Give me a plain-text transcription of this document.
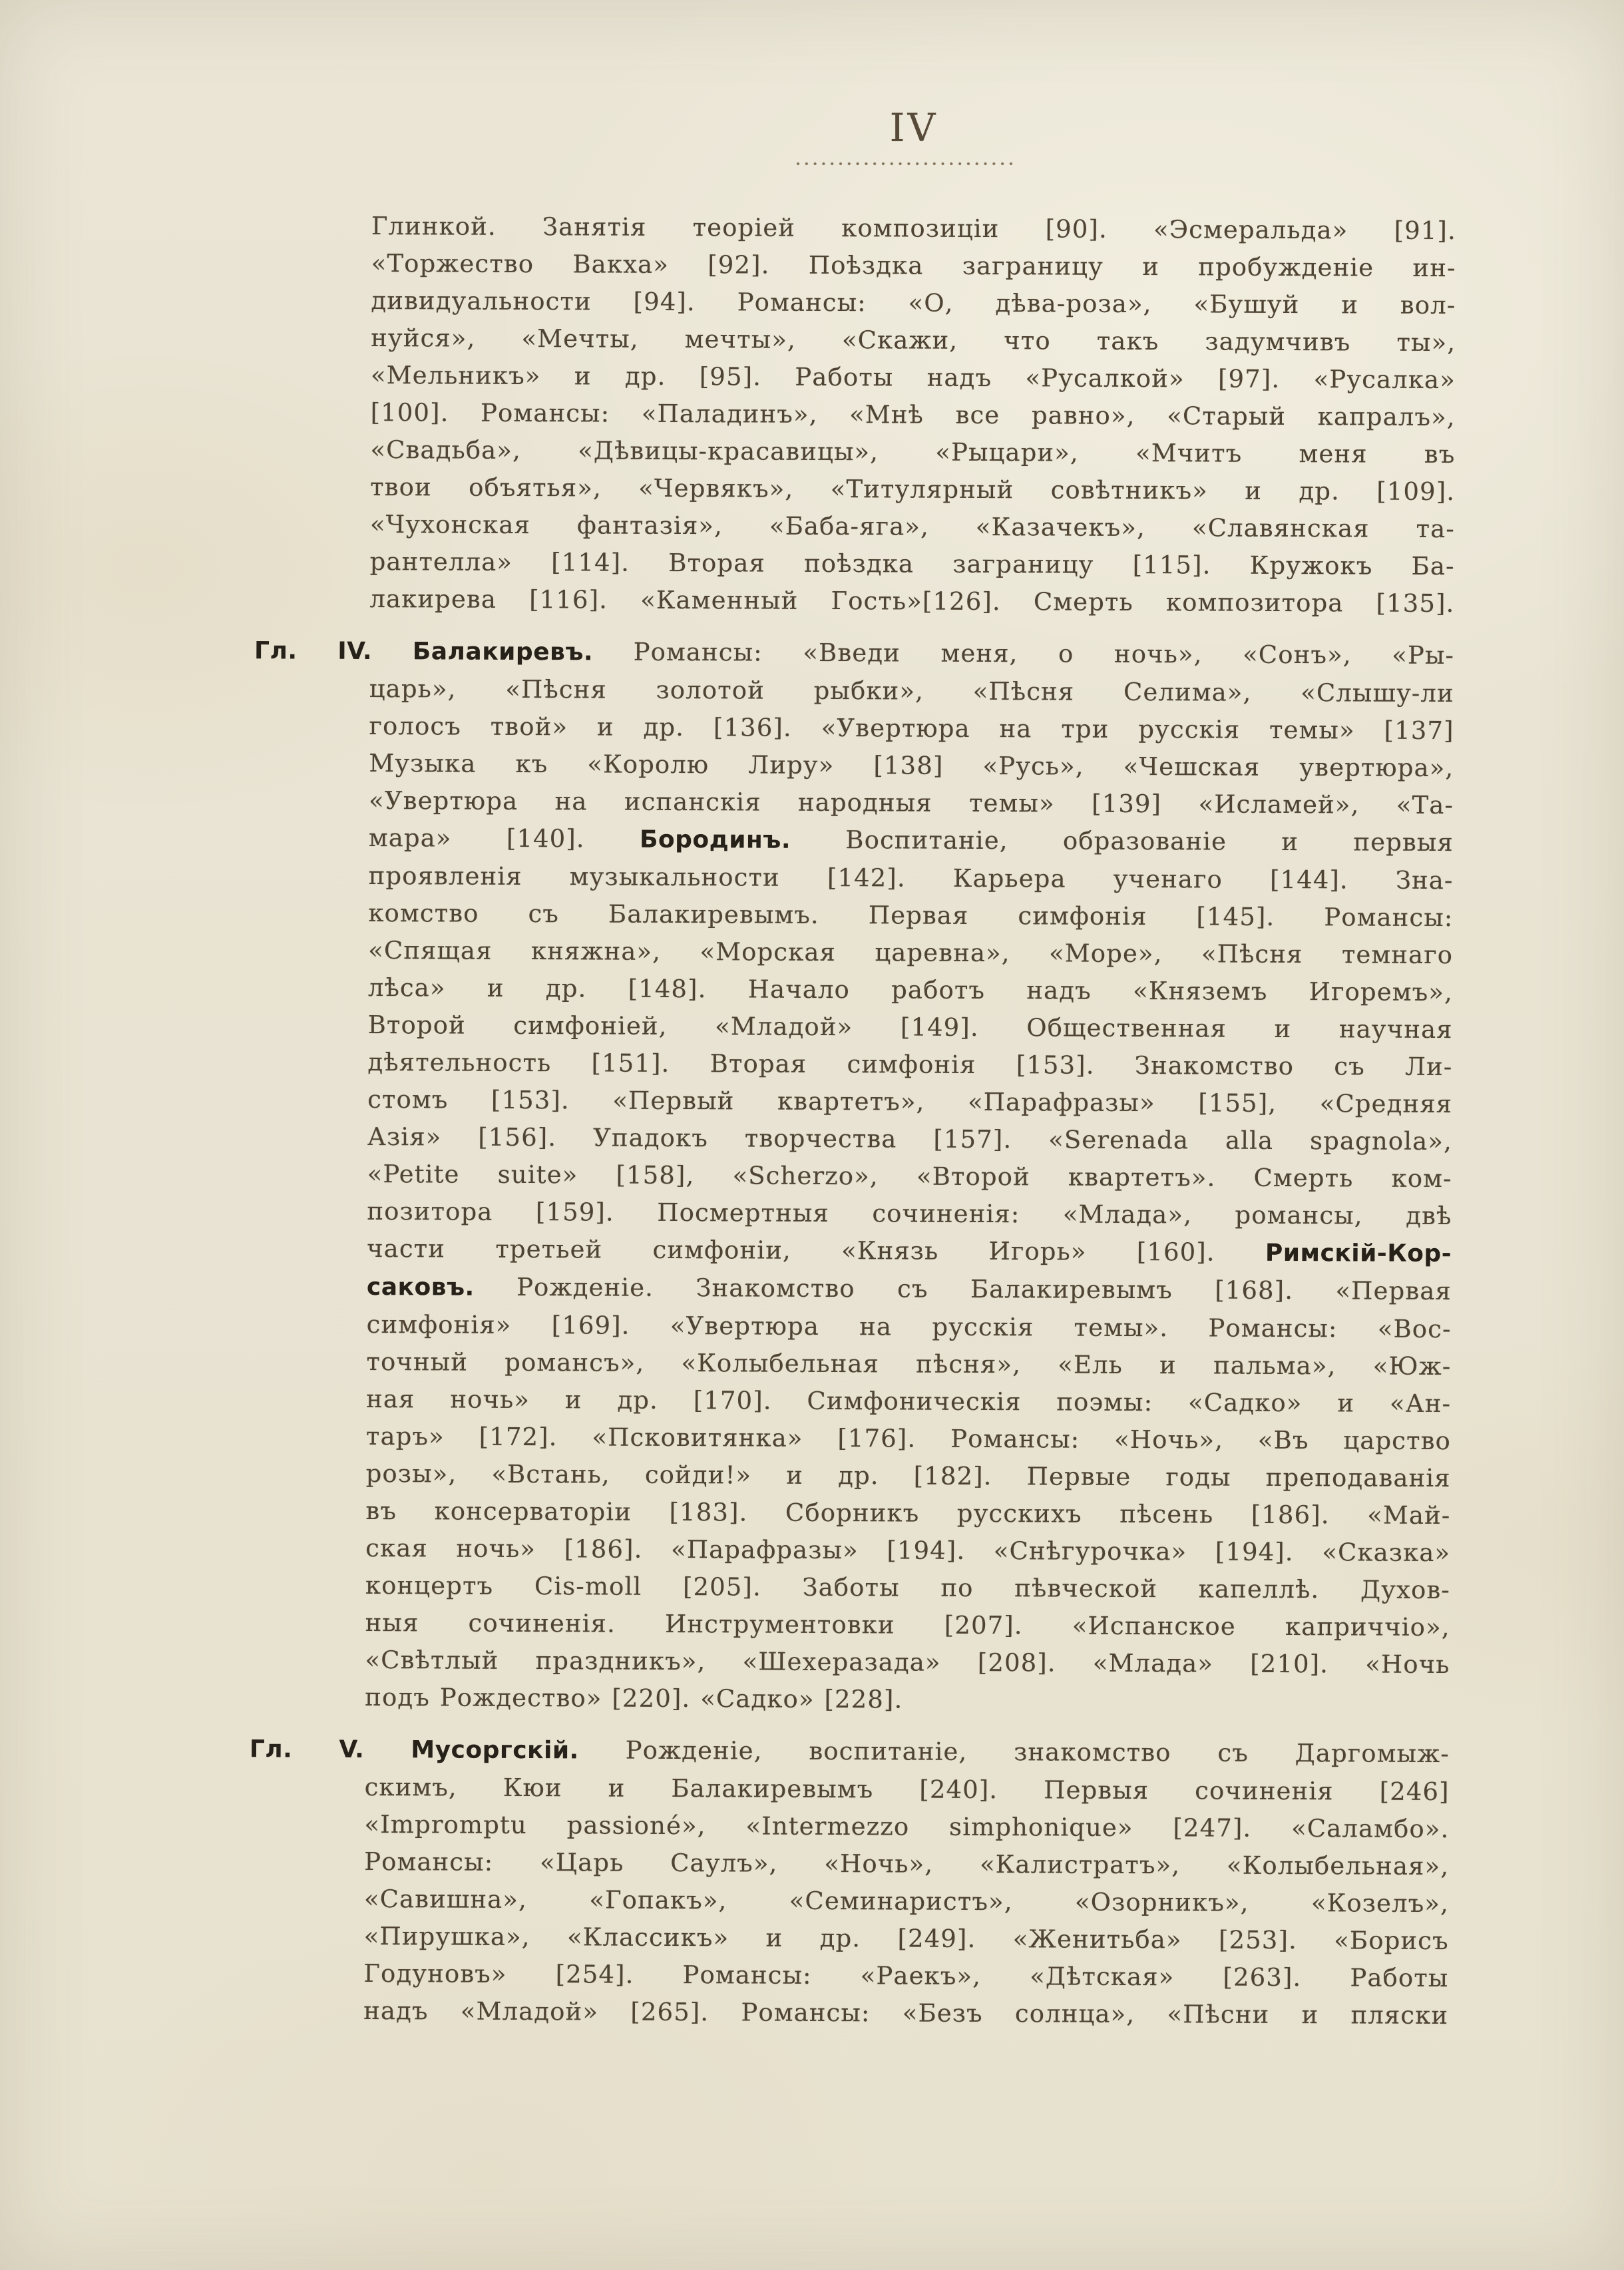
IV
Глинкой. Занятія теоріей композиціи [90]. «Эсмеральда» [91].
«Торжество Вакха» [92]. Поѣздка заграницу и пробужденіе ин-
дивидуальности [94]. Романсы: «О, дѣва-роза», «Бушуй и вол-
нуйся», «Мечты, мечты», «Скажи, что такъ задумчивъ ты»,
«Мельникъ» и др. [95]. Работы надъ «Русалкой» [97]. «Русалка»
[100]. Романсы: «Паладинъ», «Мнѣ все равно», «Старый капралъ»,
«Свадьба», «Дѣвицы-красавицы», «Рыцари», «Мчитъ меня въ
твои объятья», «Червякъ», «Титулярный совѣтникъ» и др. [109].
«Чухонская фантазія», «Баба-яга», «Казачекъ», «Славянская та-
рантелла» [114]. Вторая поѣздка заграницу [115]. Кружокъ Ба-
лакирева [116]. «Каменный Гость»[126]. Смерть композитора [135].
Гл. IV. Балакиревъ. Романсы: «Введи меня, о ночь», «Сонъ», «Ры-
царь», «Пѣсня золотой рыбки», «Пѣсня Селима», «Слышу-ли
голосъ твой» и др. [136]. «Увертюра на три русскія темы» [137]
Музыка къ «Королю Лиру» [138] «Русь», «Чешская увертюра»,
«Увертюра на испанскія народныя темы» [139] «Исламей», «Та-
мара» [140]. Бородинъ. Воспитаніе, образованіе и первыя
проявленія музыкальности [142]. Карьера ученаго [144]. Зна-
комство съ Балакиревымъ. Первая симфонія [145]. Романсы:
«Спящая княжна», «Морская царевна», «Море», «Пѣсня темнаго
лѣса» и др. [148]. Начало работъ надъ «Княземъ Игоремъ»,
Второй симфоніей, «Младой» [149]. Общественная и научная
дѣятельность [151]. Вторая симфонія [153]. Знакомство съ Ли-
стомъ [153]. «Первый квартетъ», «Парафразы» [155], «Средняя
Азія» [156]. Упадокъ творчества [157]. «Serenada alla spagnola»,
«Petite suite» [158], «Scherzo», «Второй квартетъ». Смерть ком-
позитора [159]. Посмертныя сочиненія: «Млада», романсы, двѣ
части третьей симфоніи, «Князь Игорь» [160]. Римскій-Кор-
саковъ. Рожденіе. Знакомство съ Балакиревымъ [168]. «Первая
симфонія» [169]. «Увертюра на русскія темы». Романсы: «Вос-
точный романсъ», «Колыбельная пѣсня», «Ель и пальма», «Юж-
ная ночь» и др. [170]. Симфоническія поэмы: «Садко» и «Ан-
таръ» [172]. «Псковитянка» [176]. Романсы: «Ночь», «Въ царство
розы», «Встань, сойди!» и др. [182]. Первые годы преподаванія
въ консерваторіи [183]. Сборникъ русскихъ пѣсень [186]. «Май-
ская ночь» [186]. «Парафразы» [194]. «Снѣгурочка» [194]. «Сказка»
концертъ Cis-moll [205]. Заботы по пѣвческой капеллѣ. Духов-
ныя сочиненія. Инструментовки [207]. «Испанское каприччіо»,
«Свѣтлый праздникъ», «Шехеразада» [208]. «Млада» [210]. «Ночь
подъ Рождество» [220]. «Садко» [228].
Гл. V. Мусоргскій. Рожденіе, воспитаніе, знакомство съ Даргомыж-
скимъ, Кюи и Балакиревымъ [240]. Первыя сочиненія [246]
«Impromptu passioné», «Intermezzo simphonique» [247]. «Саламбо».
Романсы: «Царь Саулъ», «Ночь», «Калистратъ», «Колыбельная»,
«Савишна», «Гопакъ», «Семинаристъ», «Озорникъ», «Козелъ»,
«Пирушка», «Классикъ» и др. [249]. «Женитьба» [253]. «Борисъ
Годуновъ» [254]. Романсы: «Раекъ», «Дѣтская» [263]. Работы
надъ «Младой» [265]. Романсы: «Безъ солнца», «Пѣсни и пляски
